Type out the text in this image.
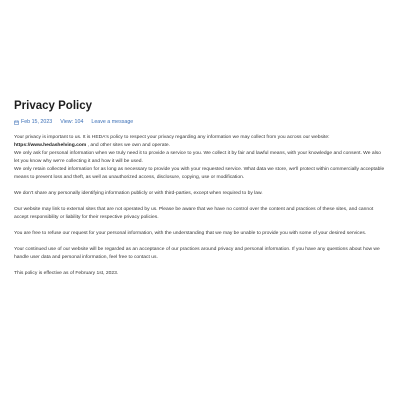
Privacy Policy
Feb 15, 2023 View: 104 Leave a message

Your privacy is important to us. It is HEDA's policy to respect your privacy regarding any information we may collect from you across our website: https://www.hedashelving.com , and other sites we own and operate.

We only ask for personal information when we truly need it to provide a service to you. We collect it by fair and lawful means, with your knowledge and consent. We also let you know why we're collecting it and how it will be used.

We only retain collected information for as long as necessary to provide you with your requested service. What data we store, we'll protect within commercially acceptable means to prevent loss and theft, as well as unauthorized access, disclosure, copying, use or modification.

We don't share any personally identifying information publicly or with third-parties, except when required to by law.

Our website may link to external sites that are not operated by us. Please be aware that we have no control over the content and practices of these sites, and cannot accept responsibility or liability for their respective privacy policies.

You are free to refuse our request for your personal information, with the understanding that we may be unable to provide you with some of your desired services.

Your continued use of our website will be regarded as an acceptance of our practices around privacy and personal information. If you have any questions about how we handle user data and personal information, feel free to contact us.

This policy is effective as of February 1st, 2023.
